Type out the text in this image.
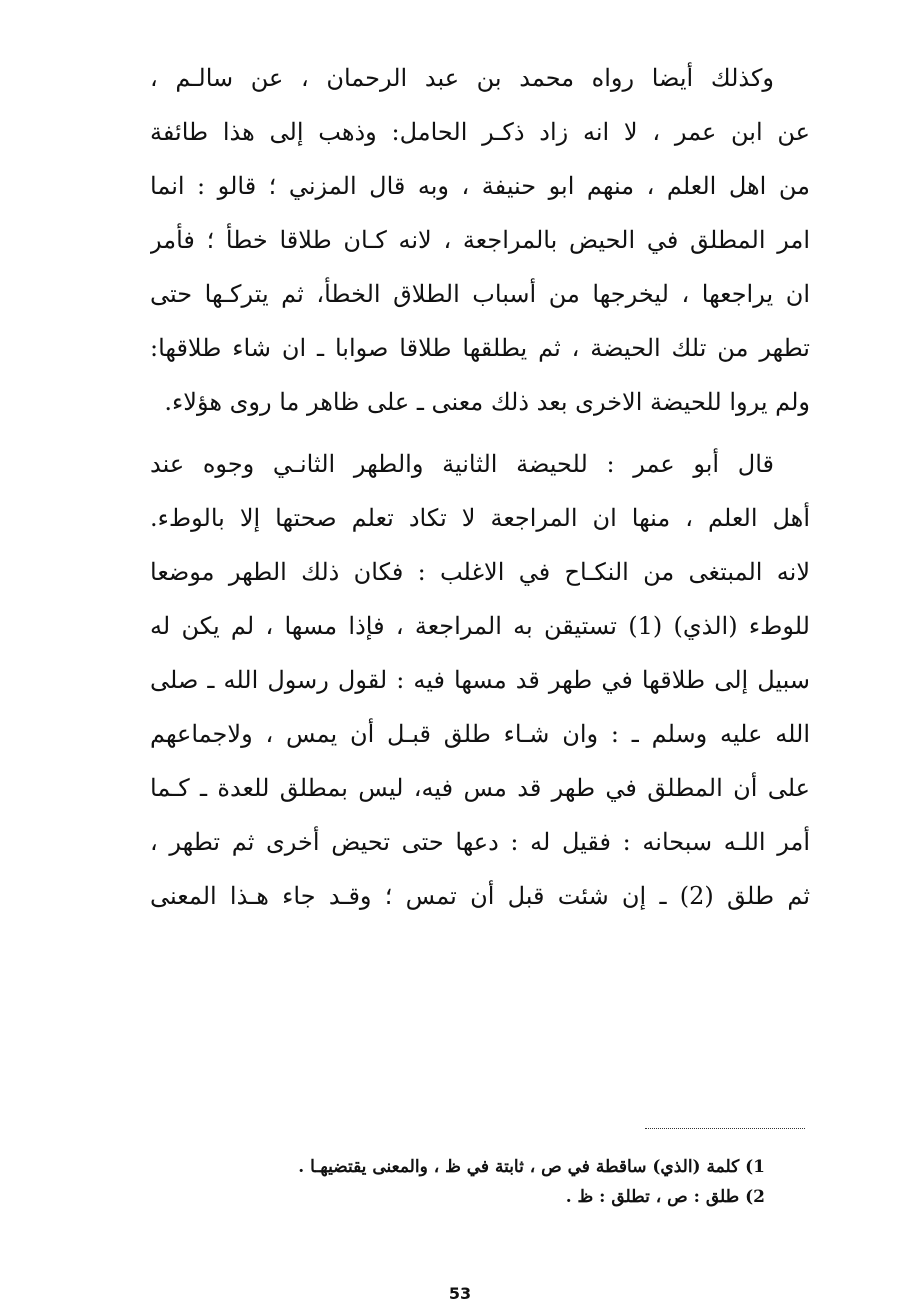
وكذلك أيضا رواه محمد بن عبد الرحمان ، عن سالـم ،
عن ابن عمر ، لا انه زاد ذكـر الحامل: وذهب إلى هذا طائفة
من اهل العلم ، منهم ابو حنيفة ، وبه قال المزني ؛ قالو : انما
امر المطلق في الحيض بالمراجعة ، لانه كـان طلاقا خطأ ؛ فأمر
ان يراجعها ، ليخرجها من أسباب الطلاق الخطأ، ثم يتركـها حتى
تطهر من تلك الحيضة ، ثم يطلقها طلاقا صوابا ـ ان شاء طلاقها:
ولم يروا للحيضة الاخرى بعد ذلك معنى ـ على ظاهر ما روى هؤلاء.
قال أبو عمر : للحيضة الثانية والطهر الثانـي وجوه عند
أهل العلم ، منها ان المراجعة لا تكاد تعلم صحتها إلا بالوطء.
لانه المبتغى من النكـاح في الاغلب : فكان ذلك الطهر موضعا
للوطء (الذي) (1) تستيقن به المراجعة ، فإذا مسها ، لم يكن له
سبيل إلى طلاقها في طهر قد مسها فيه : لقول رسول الله ـ صلى
الله عليه وسلم ـ : وان شـاء طلق قبـل أن يمس ، ولاجماعهم
على أن المطلق في طهر قد مس فيه، ليس بمطلق للعدة ـ كـما
أمر اللـه سبحانه : فقيل له : دعها حتى تحيض أخرى ثم تطهر ،
ثم طلق (2) ـ إن شئت قبل أن تمس ؛ وقـد جاء هـذا المعنى
1) كلمة (الذي) ساقطة في ص ، ثابتة في ظ ، والمعنى يقتضيهـا .
2) طلق : ص ، تطلق : ظ .
53
